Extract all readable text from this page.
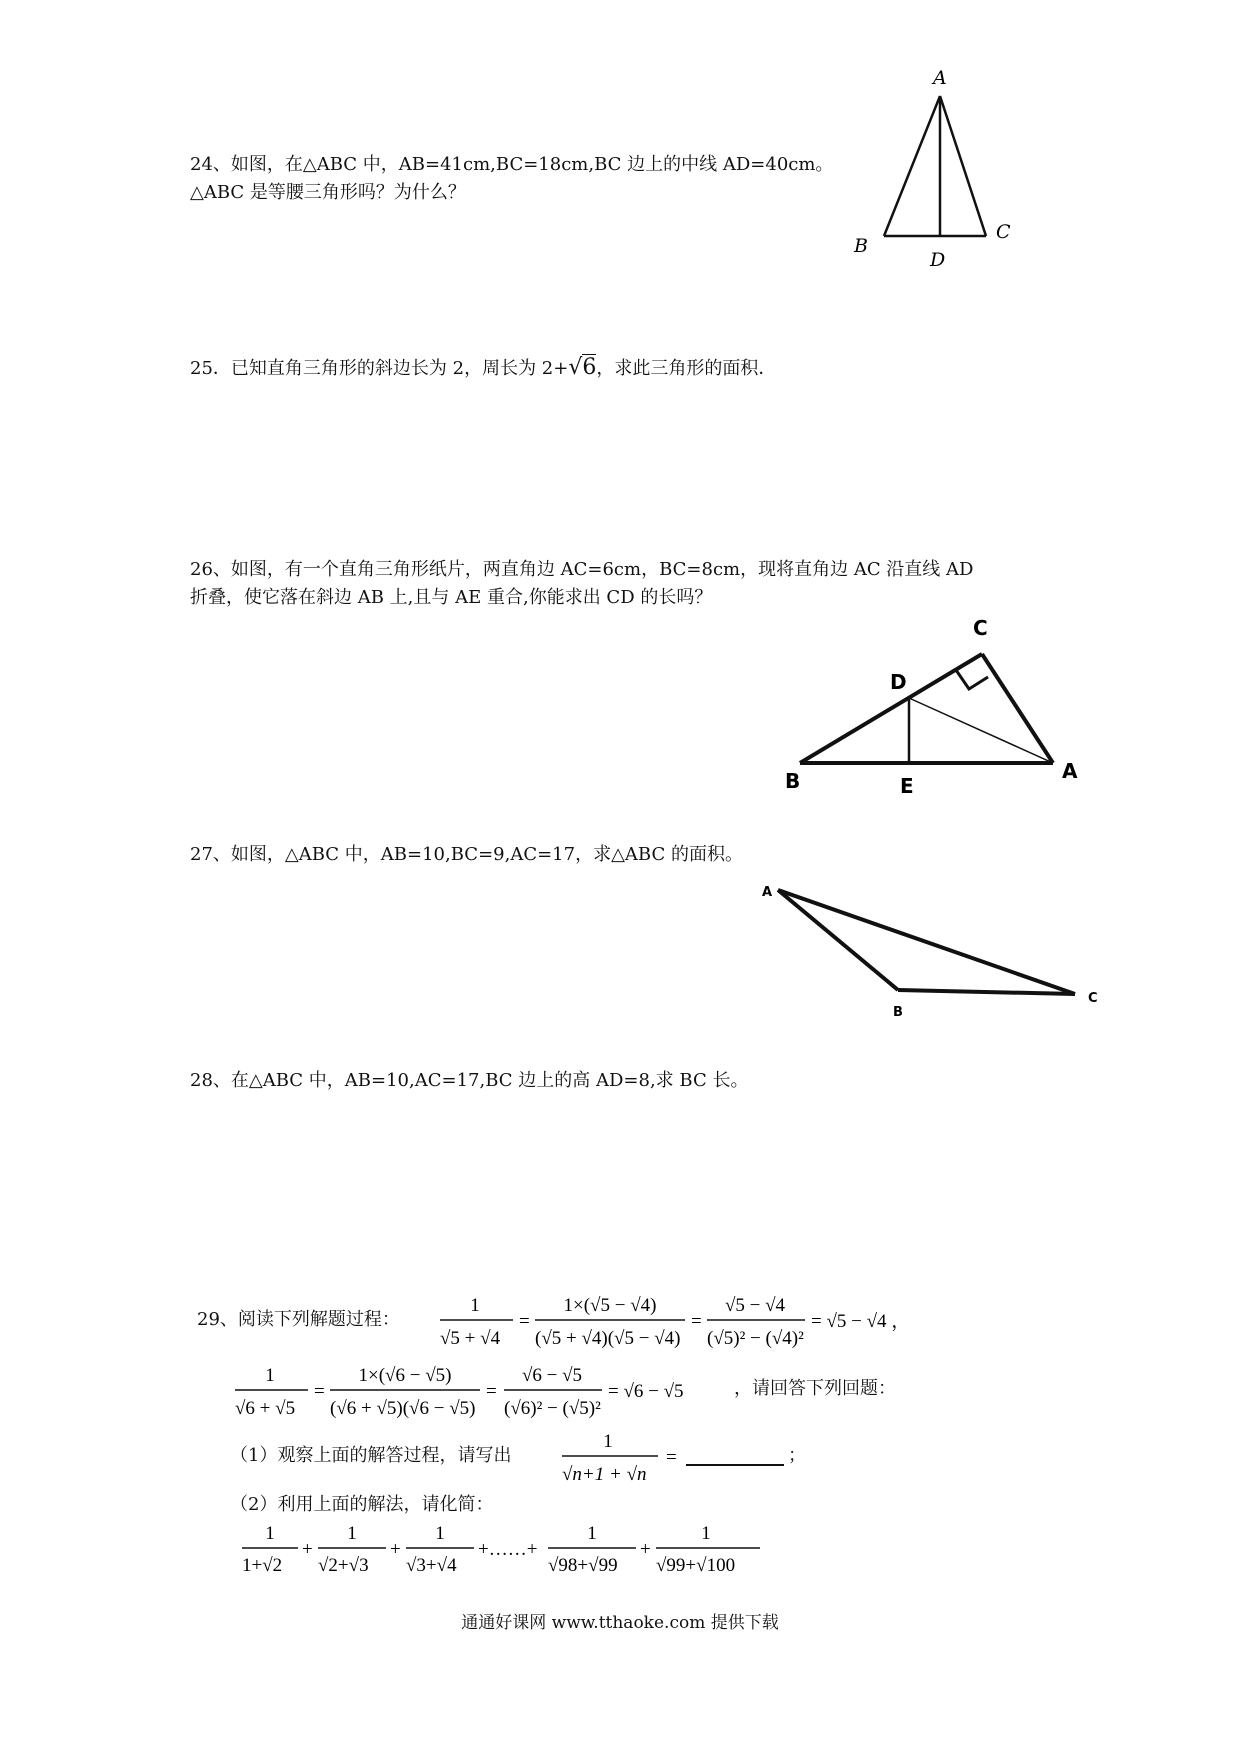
24、如图，在△ABC 中，AB=41cm,BC=18cm,BC 边上的中线 AD=40cm。
△ABC 是等腰三角形吗？为什么？
A
B
C
D
25．已知直角三角形的斜边长为 2，周长为 2+√6，求此三角形的面积．
26、如图，有一个直角三角形纸片，两直角边 AC=6cm，BC=8cm，现将直角边 AC 沿直线 AD
折叠，使它落在斜边 AB 上,且与 AE 重合,你能求出 CD 的长吗？
C
D
A
B	E
27、如图，△ABC 中，AB=10,BC=9,AC=17，求△ABC 的面积。
A
B
C
28、在△ABC 中，AB=10,AC=17,BC 边上的高 AD=8,求 BC 长。
29、阅读下列解题过程：
1
√5 + √4
=
1×(√5 − √4)
(√5 + √4)(√5 − √4)
=
√5 − √4
(√5)² − (√4)²
= √5 − √4 ，
1
√6 + √5
=
1×(√6 − √5)
(√6 + √5)(√6 − √5)
=
√6 − √5
(√6)² − (√5)²
= √6 − √5	，请回答下列回题：
（1）观察上面的解答过程，请写出
1
√n+1 + √n
=	；
（2）利用上面的解法，请化简：
1
1+√2
+
1
√2+√3
+
1
√3+√4
+……+
1
√98+√99
+
1
√99+√100
通通好课网 www.tthaoke.com 提供下载
